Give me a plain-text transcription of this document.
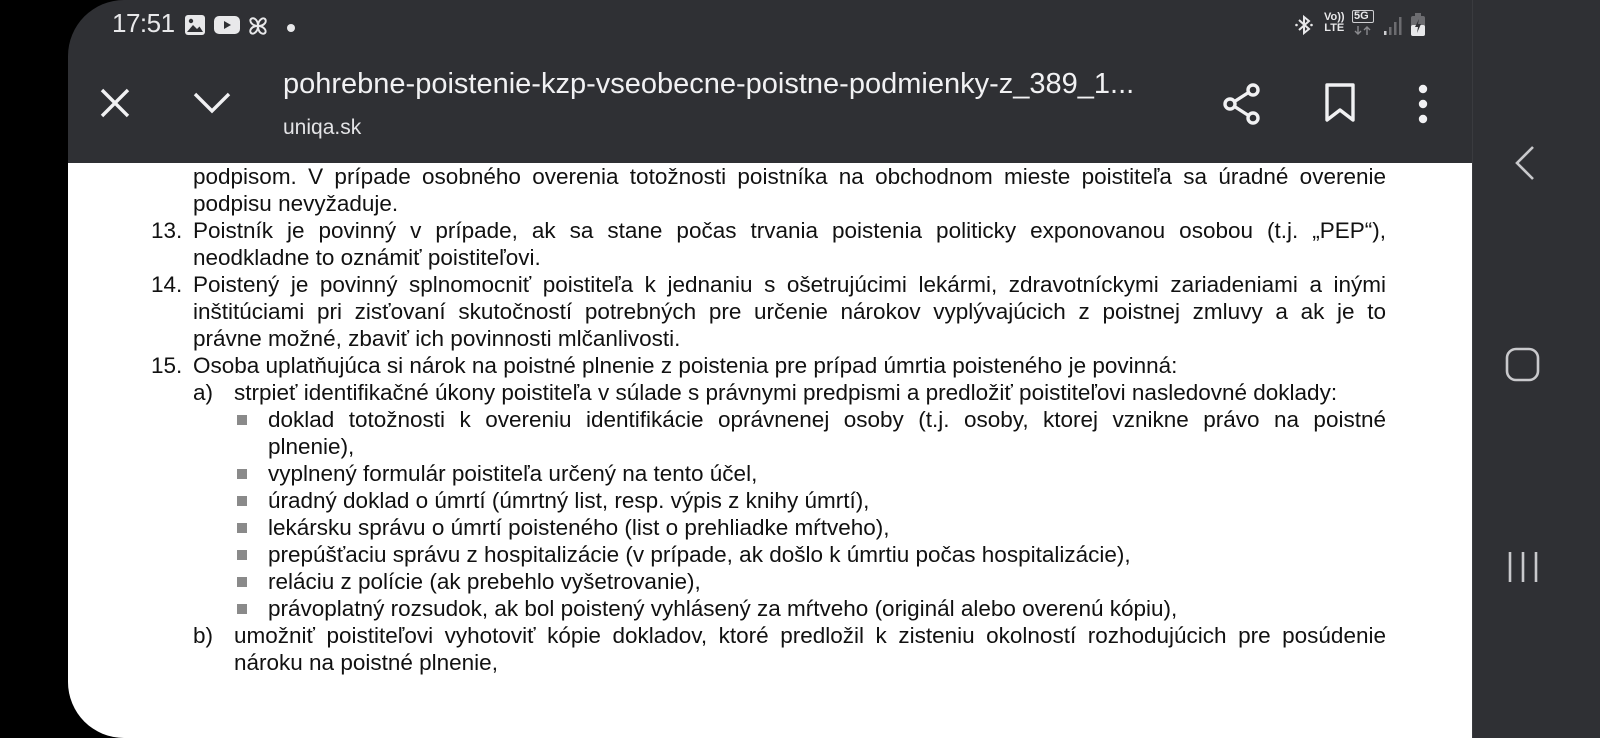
17:51	Vo))
LTE
5G
pohrebne-poistenie-kzp-vseobecne-poistne-podmienky-z_389_1...
uniqa.sk
podpisom. V prípade osobného overenia totožnosti poistníka na obchodnom mieste poistiteľa sa úradné overenie
podpisu nevyžaduje.
13. Poistník je povinný v prípade, ak sa stane počas trvania poistenia politicky exponovanou osobou (t.j. „PEP“),
neodkladne to oznámiť poistiteľovi.
14. Poistený je povinný splnomocniť poistiteľa k jednaniu s ošetrujúcimi lekármi, zdravotníckymi zariadeniami a inými
inštitúciami pri zisťovaní skutočností potrebných pre určenie nárokov vyplývajúcich z poistnej zmluvy a ak je to
právne možné, zbaviť ich povinnosti mlčanlivosti.
15. Osoba uplatňujúca si nárok na poistné plnenie z poistenia pre prípad úmrtia poisteného je povinná:
a) strpieť identifikačné úkony poistiteľa v súlade s právnymi predpismi a predložiť poistiteľovi nasledovné doklady:
doklad totožnosti k overeniu identifikácie oprávnenej osoby (t.j. osoby, ktorej vznikne právo na poistné
plnenie),
vyplnený formulár poistiteľa určený na tento účel,
úradný doklad o úmrtí (úmrtný list, resp. výpis z knihy úmrtí),
lekársku správu o úmrtí poisteného (list o prehliadke mŕtveho),
prepúšťaciu správu z hospitalizácie (v prípade, ak došlo k úmrtiu počas hospitalizácie),
reláciu z polície (ak prebehlo vyšetrovanie),
právoplatný rozsudok, ak bol poistený vyhlásený za mŕtveho (originál alebo overenú kópiu),
b) umožniť poistiteľovi vyhotoviť kópie dokladov, ktoré predložil k zisteniu okolností rozhodujúcich pre posúdenie
nároku na poistné plnenie,
